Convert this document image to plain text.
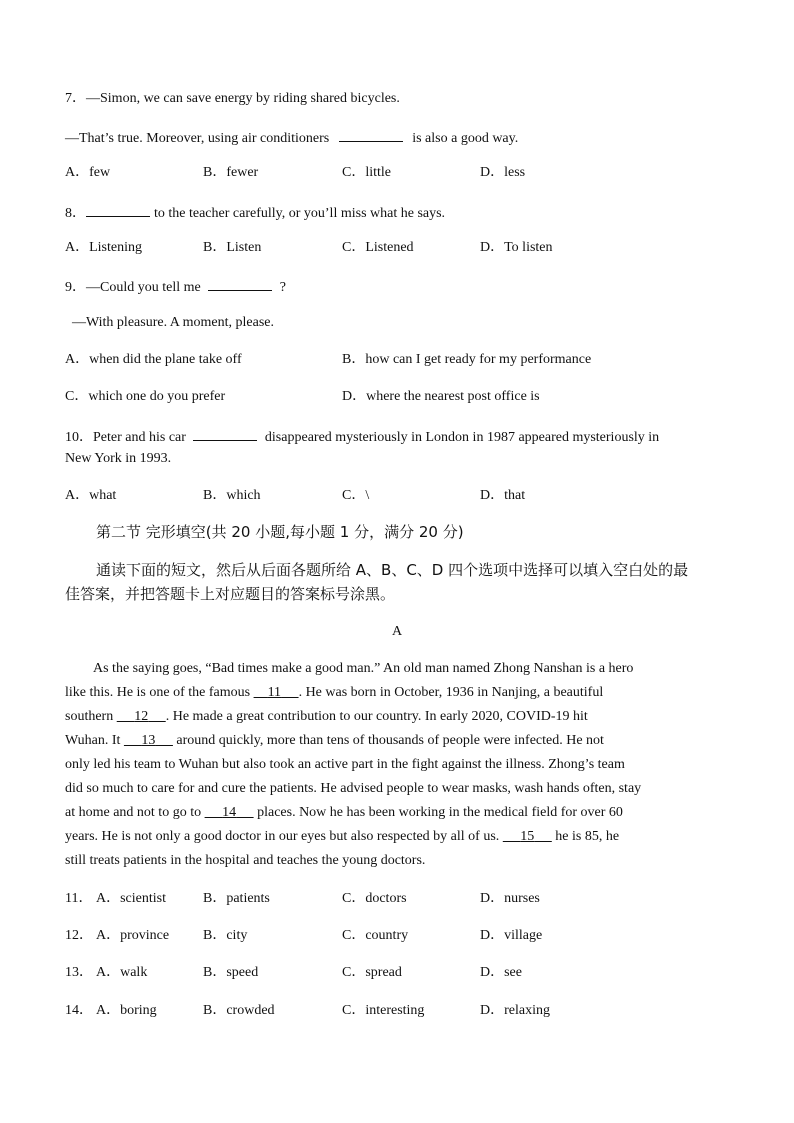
7．—Simon, we can save energy by riding shared bicycles.
—That’s true. Moreover, using air conditioners	is also a good way.
A．few	B．fewer	C．little	D．less
8．	to the teacher carefully, or you’ll miss what he says.
A．Listening	B．Listen	C．Listened	D．To listen
9．—Could you tell me	?
—With pleasure. A moment, please.
A．when did the plane take off	B．how can I get ready for my performance
C．which one do you prefer	D．where the nearest post office is
10．Peter and his car	disappeared mysteriously in London in 1987 appeared mysteriously in
New York in 1993.
A．what	B．which	C．\	D．that
第二节 完形填空(共 20 小题,每小题 1 分，满分 20 分)
通读下面的短文，然后从后面各题所给 A、B、C、D 四个选项中选择可以填入空白处的最
佳答案，并把答题卡上对应题目的答案标号涂黑。
A
As the saying goes, “Bad times make a good man.” An old man named Zhong Nanshan is a hero
like this. He is one of the famous 11 . He was born in October, 1936 in Nanjing, a beautiful
southern 12 . He made a great contribution to our country. In early 2020, COVID-19 hit
Wuhan. It 13 around quickly, more than tens of thousands of people were infected. He not
only led his team to Wuhan but also took an active part in the fight against the illness. Zhong’s team
did so much to care for and cure the patients. He advised people to wear masks, wash hands often, stay
at home and not to go to 14 places. Now he has been working in the medical field for over 60
years. He is not only a good doctor in our eyes but also respected by all of us. 15 he is 85, he
still treats patients in the hospital and teaches the young doctors.
11． A．scientist	B．patients	C．doctors	D．nurses
12． A．province B．city	C．country	D．village
13． A．walk	B．speed	C．spread	D．see
14． A．boring	B．crowded	C．interesting	D．relaxing
